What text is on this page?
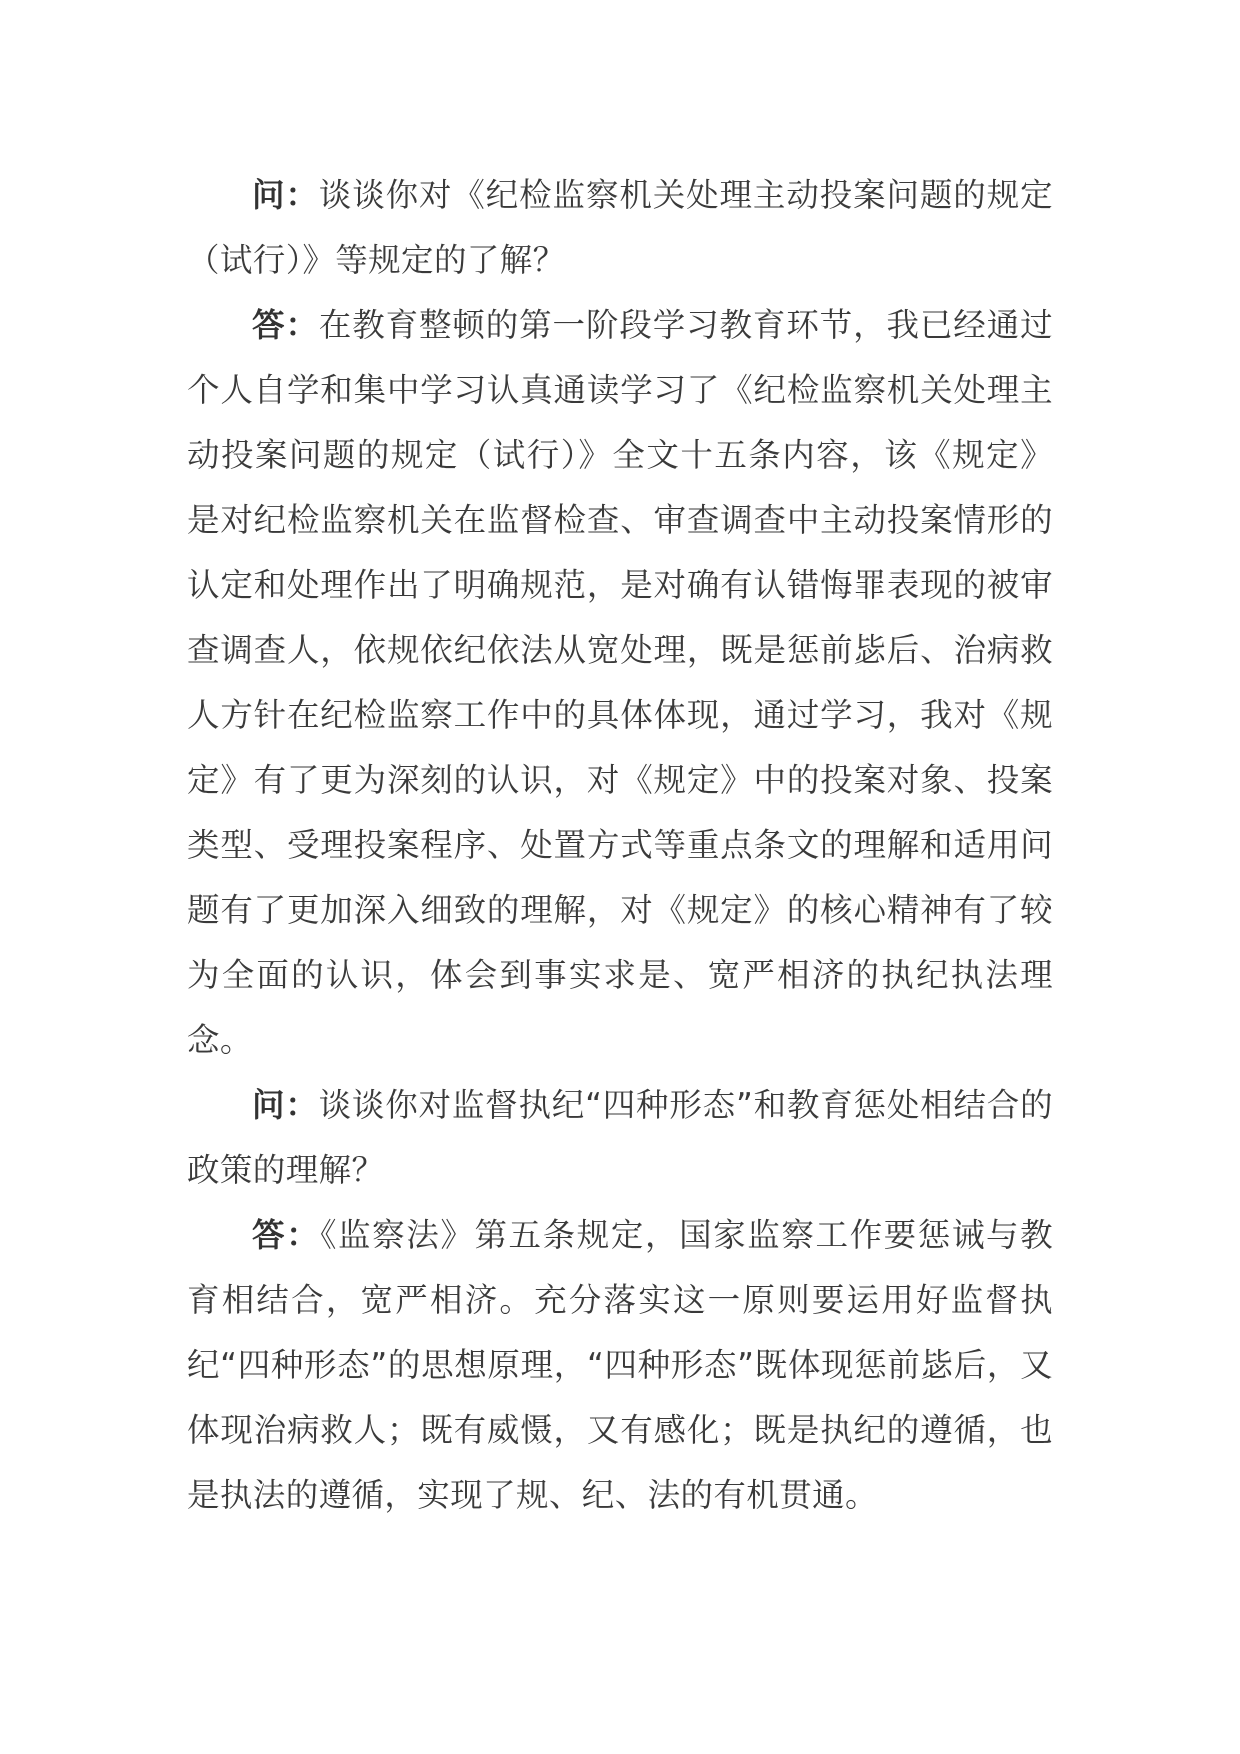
问：谈谈你对《纪检监察机关处理主动投案问题的规定（试行）》等规定的了解？

答：在教育整顿的第一阶段学习教育环节，我已经通过个人自学和集中学习认真通读学习了《纪检监察机关处理主动投案问题的规定（试行）》全文十五条内容，该《规定》是对纪检监察机关在监督检查、审查调查中主动投案情形的认定和处理作出了明确规范，是对确有认错悔罪表现的被审查调查人，依规依纪依法从宽处理，既是惩前毖后、治病救人方针在纪检监察工作中的具体体现，通过学习，我对《规定》有了更为深刻的认识，对《规定》中的投案对象、投案类型、受理投案程序、处置方式等重点条文的理解和适用问题有了更加深入细致的理解，对《规定》的核心精神有了较为全面的认识，体会到事实求是、宽严相济的执纪执法理念。

问：谈谈你对监督执纪“四种形态”和教育惩处相结合的政策的理解？

答：《监察法》第五条规定，国家监察工作要惩诫与教育相结合，宽严相济。充分落实这一原则要运用好监督执纪“四种形态”的思想原理，“四种形态”既体现惩前毖后，又体现治病救人；既有威慑，又有感化；既是执纪的遵循，也是执法的遵循，实现了规、纪、法的有机贯通。
